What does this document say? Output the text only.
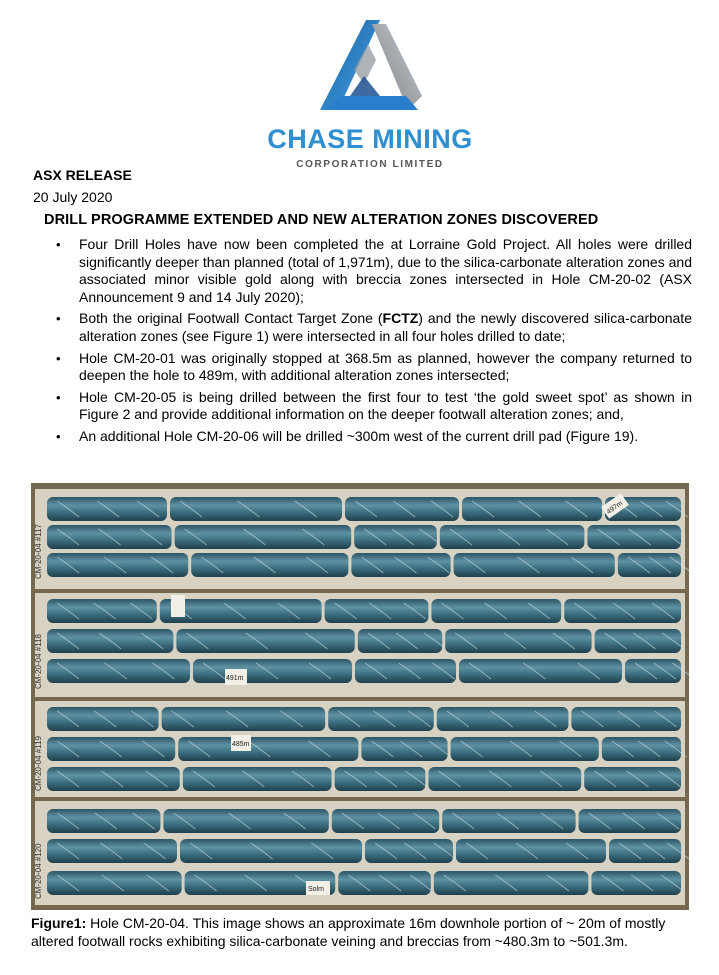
CHASE MINING
CORPORATION LIMITED
ASX RELEASE
20 July 2020
DRILL PROGRAMME EXTENDED AND NEW ALTERATION ZONES DISCOVERED
• Four Drill Holes have now been completed the at Lorraine Gold Project. All holes were drilled significantly deeper than planned (total of 1,971m), due to the silica-carbonate alteration zones and associated minor visible gold along with breccia zones intersected in Hole CM-20-02 (ASX Announcement 9 and 14 July 2020);
• Both the original Footwall Contact Target Zone (FCTZ) and the newly discovered silica-carbonate alteration zones (see Figure 1) were intersected in all four holes drilled to date;
• Hole CM-20-01 was originally stopped at 368.5m as planned, however the company returned to deepen the hole to 489m, with additional alteration zones intersected;
• Hole CM-20-05 is being drilled between the first four to test ‘the gold sweet spot’ as shown in Figure 2 and provide additional information on the deeper footwall alteration zones; and,
• An additional Hole CM-20-06 will be drilled ~300m west of the current drill pad (Figure 19).
CM-20-04 #117
CM-20-04 #118
CM-20-04 #119
CM-20-04 #120
497m
491m
485m
Solm
Figure1: Hole CM-20-04. This image shows an approximate 16m downhole portion of ~ 20m of mostly altered footwall rocks exhibiting silica-carbonate veining and breccias from ~480.3m to ~501.3m.
